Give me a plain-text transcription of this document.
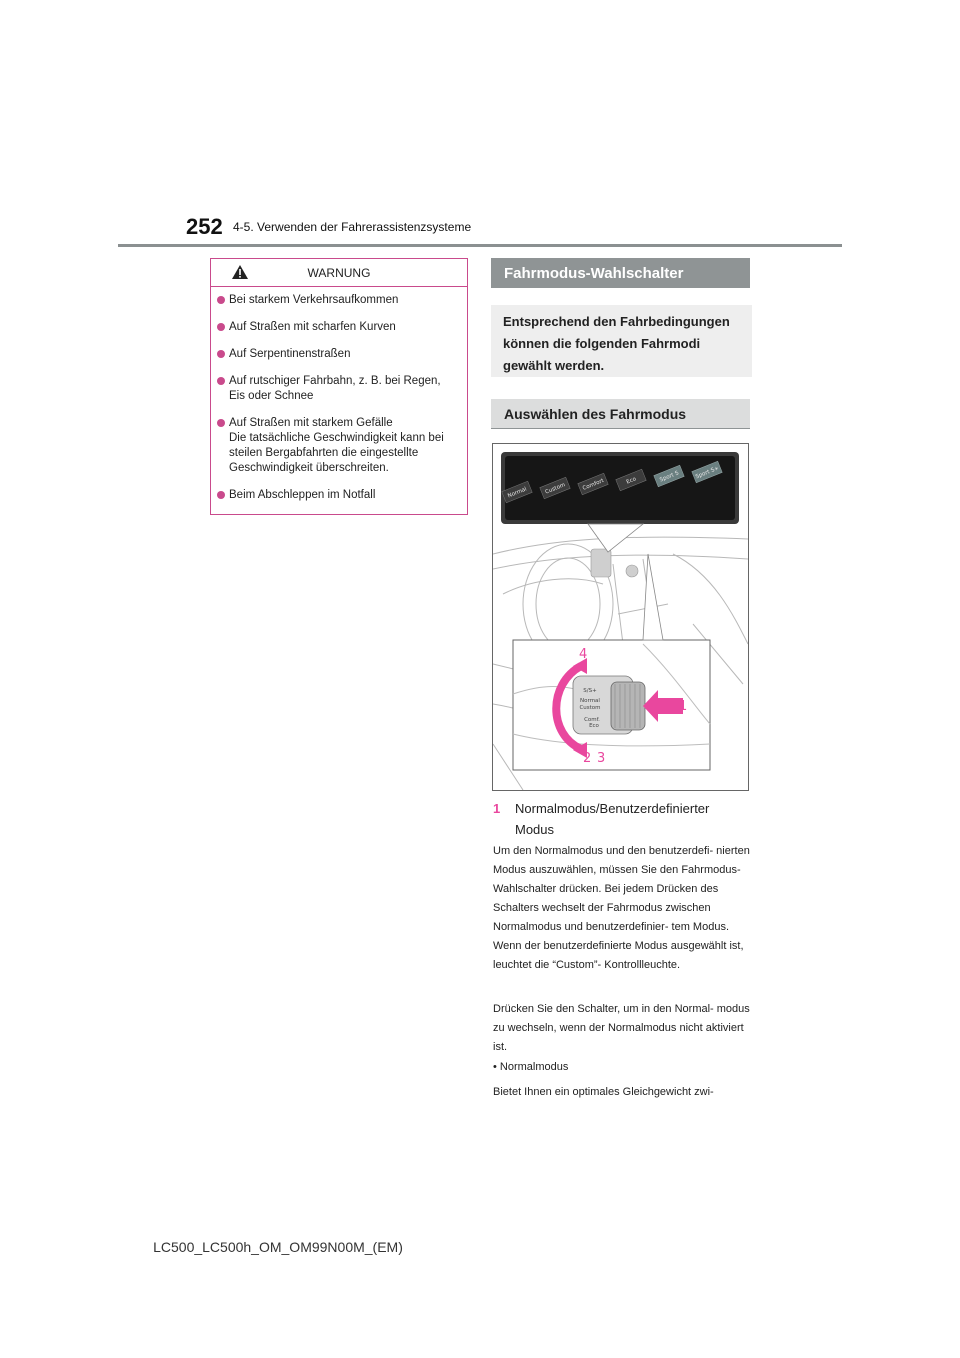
252 4-5. Verwenden der Fahrerassistenzsysteme
WARNUNG
Bei starkem Verkehrsaufkommen
Auf Straßen mit scharfen Kurven
Auf Serpentinenstraßen
Auf rutschiger Fahrbahn, z. B. bei Regen,
Eis oder Schnee
Auf Straßen mit starkem Gefälle
Die tatsächliche Geschwindigkeit kann bei
steilen Bergabfahrten die eingestellte
Geschwindigkeit überschreiten.
Beim Abschleppen im Notfall
Fahrmodus-Wahlschalter
Entsprechend den Fahrbedingungen können die folgenden Fahrmodi gewählt werden.
Auswählen des Fahrmodus
Normal	Custom	Comfort	Eco	Sport S	Sport S+
S/S+
Normal
Custom
Comf.
Eco
4
1
2 3
1 Normalmodus/Benutzerdefinierter Modus
Um den Normalmodus und den benutzerdefi- nierten Modus auszuwählen, müssen Sie den Fahrmodus-Wahlschalter drücken. Bei jedem Drücken des Schalters wechselt der Fahrmodus zwischen Normalmodus und benutzerdefinier- tem Modus. Wenn der benutzerdefinierte Modus ausgewählt ist, leuchtet die “Custom”- Kontrollleuchte.
Drücken Sie den Schalter, um in den Normal- modus zu wechseln, wenn der Normalmodus nicht aktiviert ist.
• Normalmodus
Bietet Ihnen ein optimales Gleichgewicht zwi-
LC500_LC500h_OM_OM99N00M_(EM)
